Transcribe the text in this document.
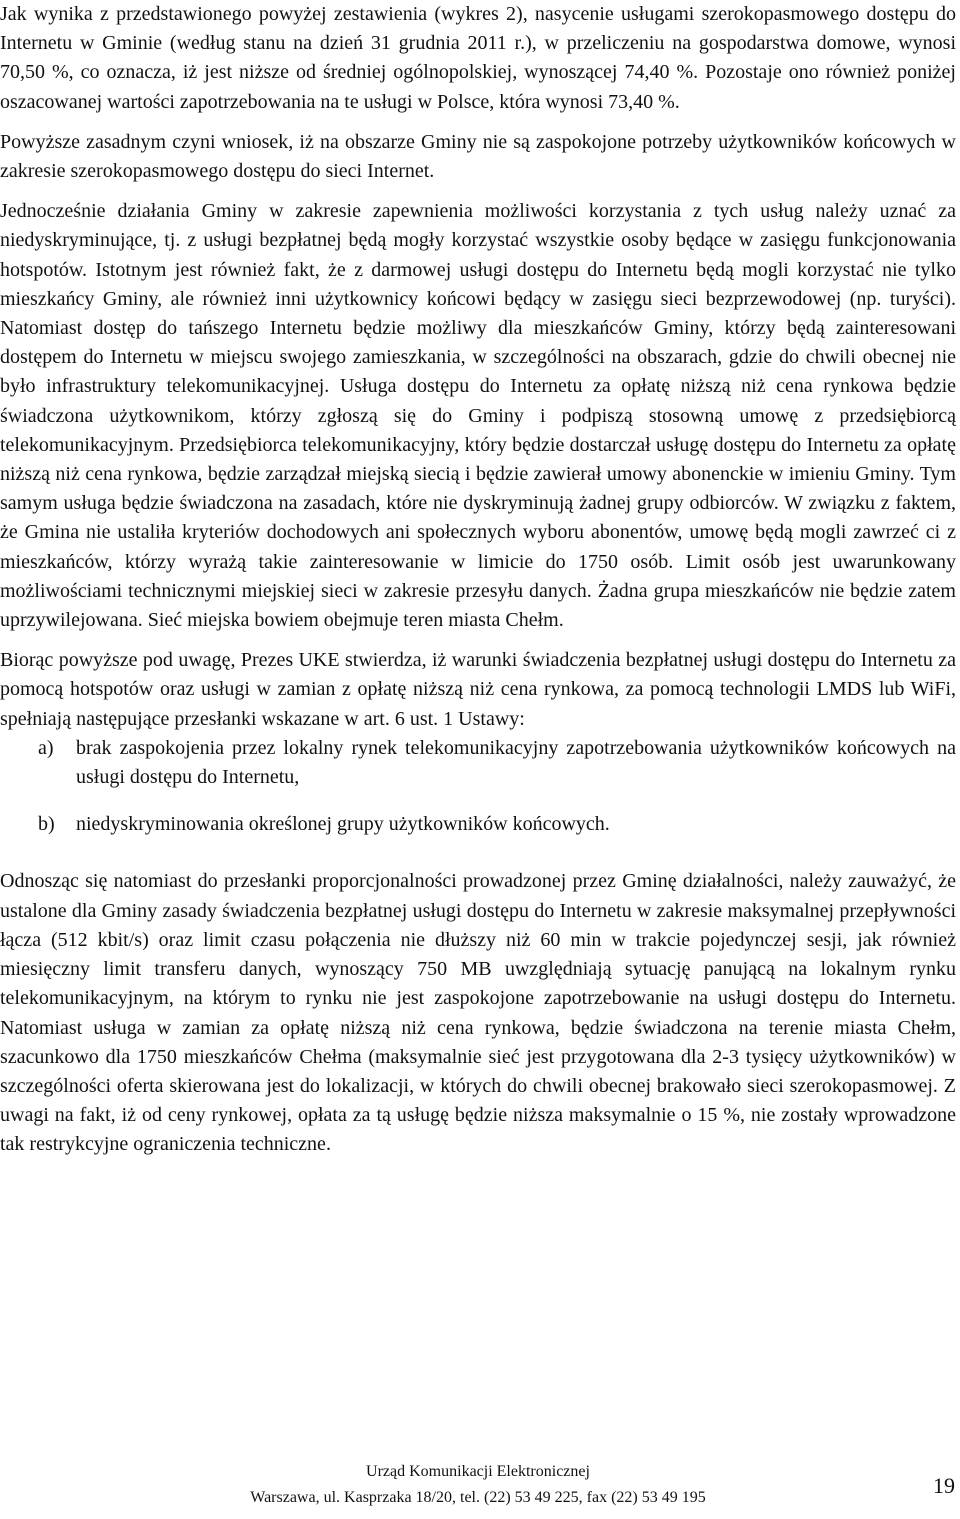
Jak wynika z przedstawionego powyżej zestawienia (wykres 2), nasycenie usługami szerokopasmowego dostępu do Internetu w Gminie (według stanu na dzień 31 grudnia 2011 r.), w przeliczeniu na gospodarstwa domowe, wynosi 70,50 %, co oznacza, iż jest niższe od średniej ogólnopolskiej, wynoszącej 74,40 %. Pozostaje ono również poniżej oszacowanej wartości zapotrzebowania na te usługi w Polsce, która wynosi 73,40 %.

Powyższe zasadnym czyni wniosek, iż na obszarze Gminy nie są zaspokojone potrzeby użytkowników końcowych w zakresie szerokopasmowego dostępu do sieci Internet.

Jednocześnie działania Gminy w zakresie zapewnienia możliwości korzystania z tych usług należy uznać za niedyskryminujące, tj. z usługi bezpłatnej będą mogły korzystać wszystkie osoby będące w zasięgu funkcjonowania hotspotów. Istotnym jest również fakt, że z darmowej usługi dostępu do Internetu będą mogli korzystać nie tylko mieszkańcy Gminy, ale również inni użytkownicy końcowi będący w zasięgu sieci bezprzewodowej (np. turyści). Natomiast dostęp do tańszego Internetu będzie możliwy dla mieszkańców Gminy, którzy będą zainteresowani dostępem do Internetu w miejscu swojego zamieszkania, w szczególności na obszarach, gdzie do chwili obecnej nie było infrastruktury telekomunikacyjnej. Usługa dostępu do Internetu za opłatę niższą niż cena rynkowa będzie świadczona użytkownikom, którzy zgłoszą się do Gminy i podpiszą stosowną umowę z przedsiębiorcą telekomunikacyjnym. Przedsiębiorca telekomunikacyjny, który będzie dostarczał usługę dostępu do Internetu za opłatę niższą niż cena rynkowa, będzie zarządzał miejską siecią i będzie zawierał umowy abonenckie w imieniu Gminy. Tym samym usługa będzie świadczona na zasadach, które nie dyskryminują żadnej grupy odbiorców. W związku z faktem, że Gmina nie ustaliła kryteriów dochodowych ani społecznych wyboru abonentów, umowę będą mogli zawrzeć ci z mieszkańców, którzy wyrażą takie zainteresowanie w limicie do 1750 osób. Limit osób jest uwarunkowany możliwościami technicznymi miejskiej sieci w zakresie przesyłu danych. Żadna grupa mieszkańców nie będzie zatem uprzywilejowana. Sieć miejska bowiem obejmuje teren miasta Chełm.

Biorąc powyższe pod uwagę, Prezes UKE stwierdza, iż warunki świadczenia bezpłatnej usługi dostępu do Internetu za pomocą hotspotów oraz usługi w zamian z opłatę niższą niż cena rynkowa, za pomocą technologii LMDS lub WiFi, spełniają następujące przesłanki wskazane w art. 6 ust. 1 Ustawy:

a) brak zaspokojenia przez lokalny rynek telekomunikacyjny zapotrzebowania użytkowników końcowych na usługi dostępu do Internetu,
b) niedyskryminowania określonej grupy użytkowników końcowych.

Odnosząc się natomiast do przesłanki proporcjonalności prowadzonej przez Gminę działalności, należy zauważyć, że ustalone dla Gminy zasady świadczenia bezpłatnej usługi dostępu do Internetu w zakresie maksymalnej przepływności łącza (512 kbit/s) oraz limit czasu połączenia nie dłuższy niż 60 min w trakcie pojedynczej sesji, jak również miesięczny limit transferu danych, wynoszący 750 MB uwzględniają sytuację panującą na lokalnym rynku telekomunikacyjnym, na którym to rynku nie jest zaspokojone zapotrzebowanie na usługi dostępu do Internetu. Natomiast usługa w zamian za opłatę niższą niż cena rynkowa, będzie świadczona na terenie miasta Chełm, szacunkowo dla 1750 mieszkańców Chełma (maksymalnie sieć jest przygotowana dla 2-3 tysięcy użytkowników) w szczególności oferta skierowana jest do lokalizacji, w których do chwili obecnej brakowało sieci szerokopasmowej. Z uwagi na fakt, iż od ceny rynkowej, opłata za tą usługę będzie niższa maksymalnie o 15 %, nie zostały wprowadzone tak restrykcyjne ograniczenia techniczne.

Urząd Komunikacji Elektronicznej
Warszawa, ul. Kasprzaka 18/20, tel. (22) 53 49 225, fax (22) 53 49 195	19
